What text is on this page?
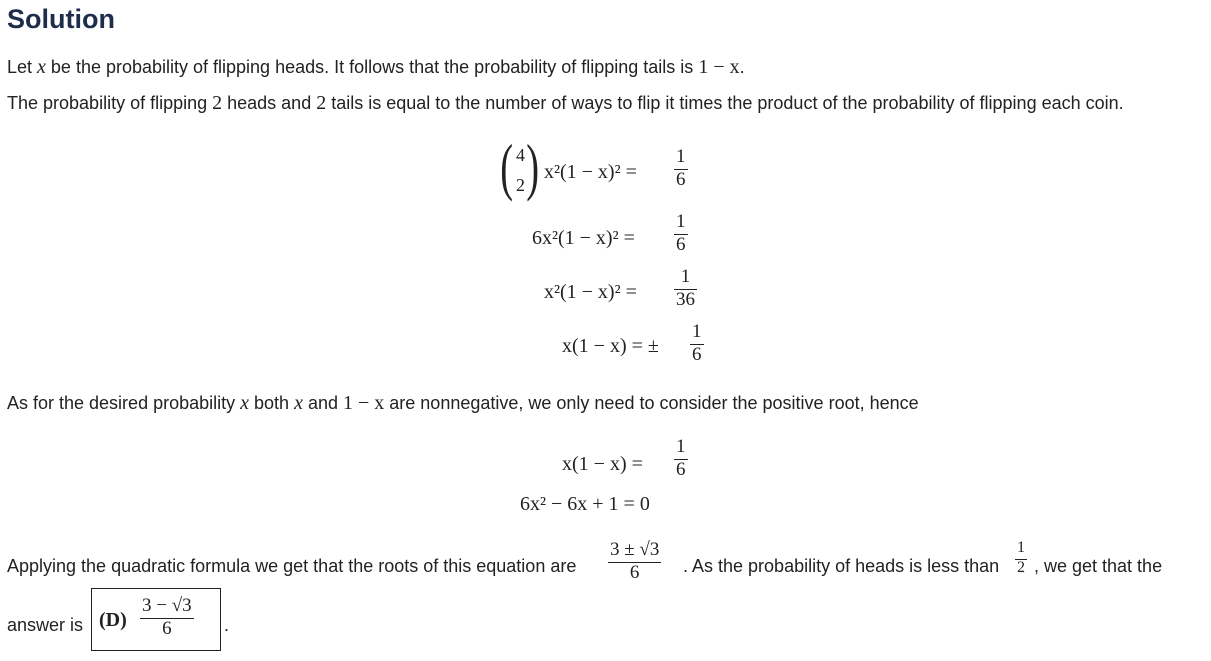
Solution
Let x be the probability of flipping heads. It follows that the probability of flipping tails is 1 − x.
The probability of flipping 2 heads and 2 tails is equal to the number of ways to flip it times the product of the probability of flipping each coin.
( 4
2 ) $x^2(1 - x)^2 = \frac{1}{6}$
$6x^2(1 - x)^2 = \frac{1}{6}$
$x^2(1 - x)^2 = \frac{1}{36}$
x(1 − x) = ± $\frac{1}{6}$
As for the desired probability x both x and 1 − x are nonnegative, we only need to consider the positive root, hence
$x(1 - x) = \frac{1}{6}$
6x² − 6x + 1 = 0
Applying the quadratic formula we get that the roots of this equation are $\frac{3 \pm √3}{6}$ . As the probability of heads is less than $\frac{1}{2}$ , we get that the
answer is $(D) \frac{3 - √3}{6}$ .
